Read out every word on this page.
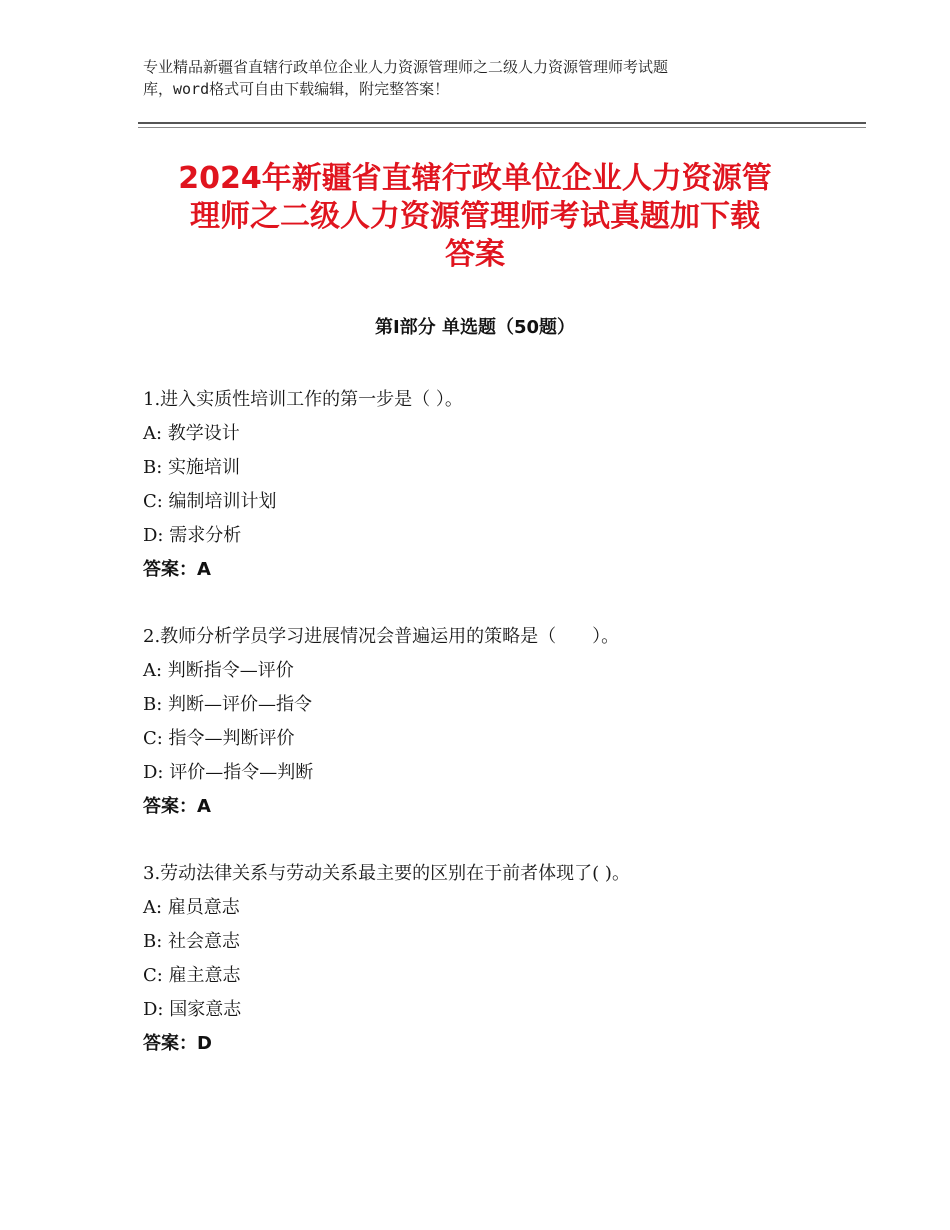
专业精品新疆省直辖行政单位企业人力资源管理师之二级人力资源管理师考试题
库，word格式可自由下载编辑，附完整答案！
2024年新疆省直辖行政单位企业人力资源管
理师之二级人力资源管理师考试真题加下载
答案
第Ⅰ部分 单选题（50题）
1.进入实质性培训工作的第一步是（ ）。
A: 教学设计
B: 实施培训
C: 编制培训计划
D: 需求分析
答案：A
2.教师分析学员学习进展情况会普遍运用的策略是（　　）。
A: 判断指令—评价
B: 判断—评价—指令
C: 指令—判断评价
D: 评价—指令—判断
答案：A
3.劳动法律关系与劳动关系最主要的区别在于前者体现了( )。
A: 雇员意志
B: 社会意志
C: 雇主意志
D: 国家意志
答案：D
